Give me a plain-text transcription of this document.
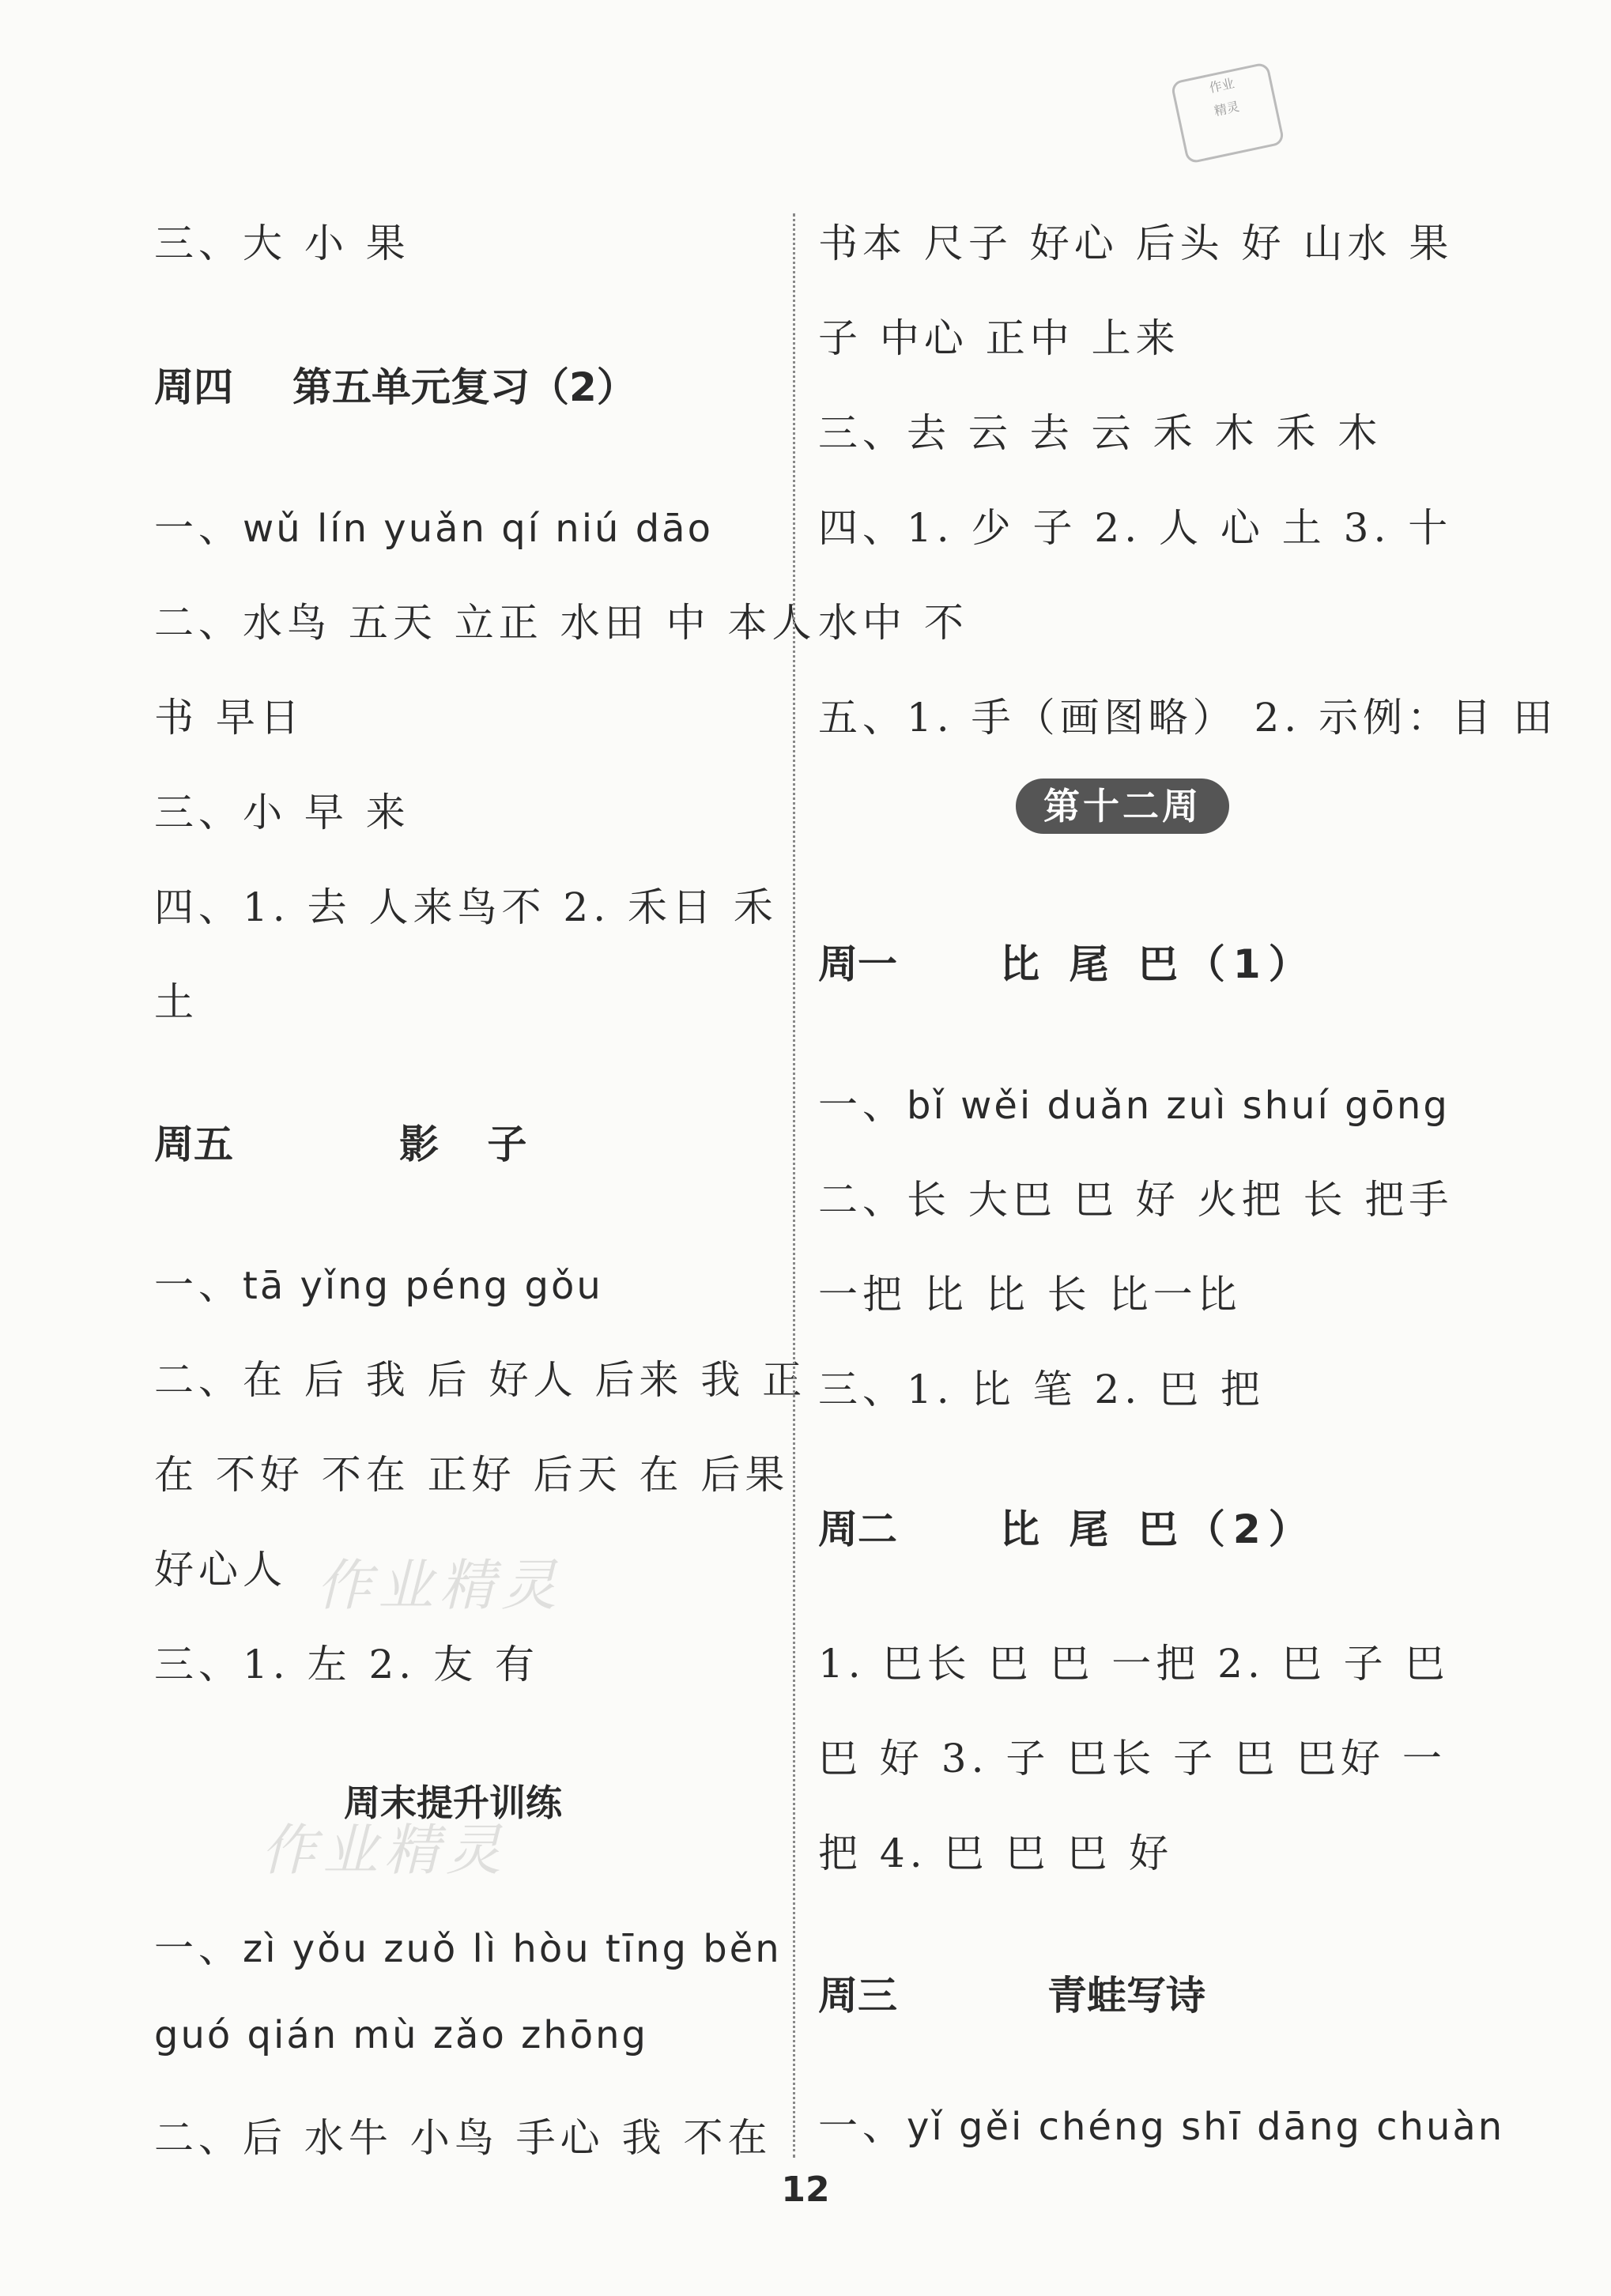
作业
精灵
作业精灵
作业精灵
三、大 小 果
周四 第五单元复习（2）
一、wǔ lín yuǎn qí niú dāo
二、水鸟 五天 立正 水田 中 本人
书 早日
三、小 早 来
四、1. 去 人来鸟不 2. 禾日 禾
土
周五	影 子
一、tā yǐng péng gǒu
二、在 后 我 后 好人 后来 我 正
在 不好 不在 正好 后天 在 后果
好心人
三、1. 左 2. 友 有
周末提升训练
一、zì yǒu zuǒ lì hòu tīng běn
guó qián mù zǎo zhōng
二、后 水牛 小鸟 手心 我 不在
书本 尺子 好心 后头 好 山水 果
子 中心 正中 上来
三、去 云 去 云 禾 木 禾 木
四、1. 少 子 2. 人 心 土 3. 十
水中 不
五、1. 手（画图略） 2. 示例：目 田
周一	比 尾 巴（1）
一、bǐ wěi duǎn zuì shuí gōng
二、长 大巴 巴 好 火把 长 把手
一把 比 比 长 比一比
三、1. 比 笔 2. 巴 把
周二	比 尾 巴（2）
1. 巴长 巴 巴 一把 2. 巴 子 巴
巴 好 3. 子 巴长 子 巴 巴好 一
把 4. 巴 巴 巴 好
周三	青蛙写诗
一、yǐ gěi chéng shī dāng chuàn
第十二周
12
